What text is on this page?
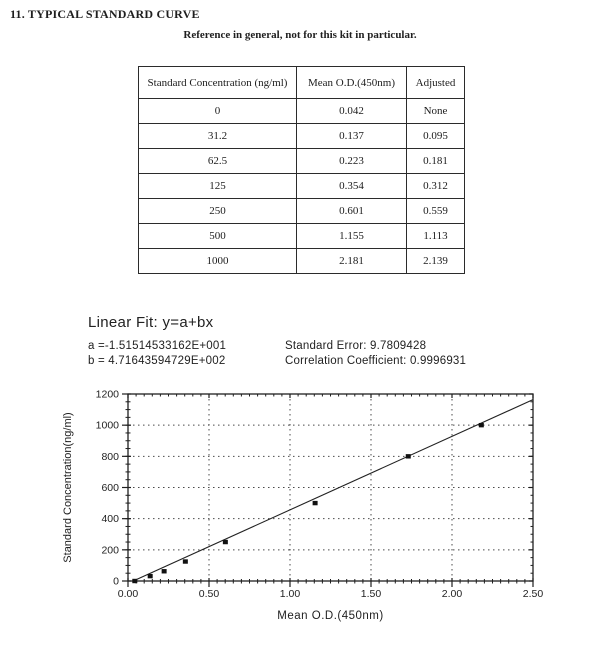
11. TYPICAL STANDARD CURVE
Reference in general, not for this kit in particular.
Standard Concentration (ng/ml)	Mean O.D.(450nm)	Adjusted
0	0.042	None
31.2	0.137	0.095
62.5	0.223	0.181
125	0.354	0.312
250	0.601	0.559
500	1.155	1.113
1000	2.181	2.139
Linear Fit: y=a+bx
a =-1.51514533162E+001	Standard Error: 9.7809428
b = 4.71643594729E+002	Correlation Coefficient: 0.9996931
0.00	0.50	1.00	1.50	2.00	2.50
0
200
400
600
800
1000
1200
Mean O.D.(450nm)
Standard Concentration(ng/ml)
